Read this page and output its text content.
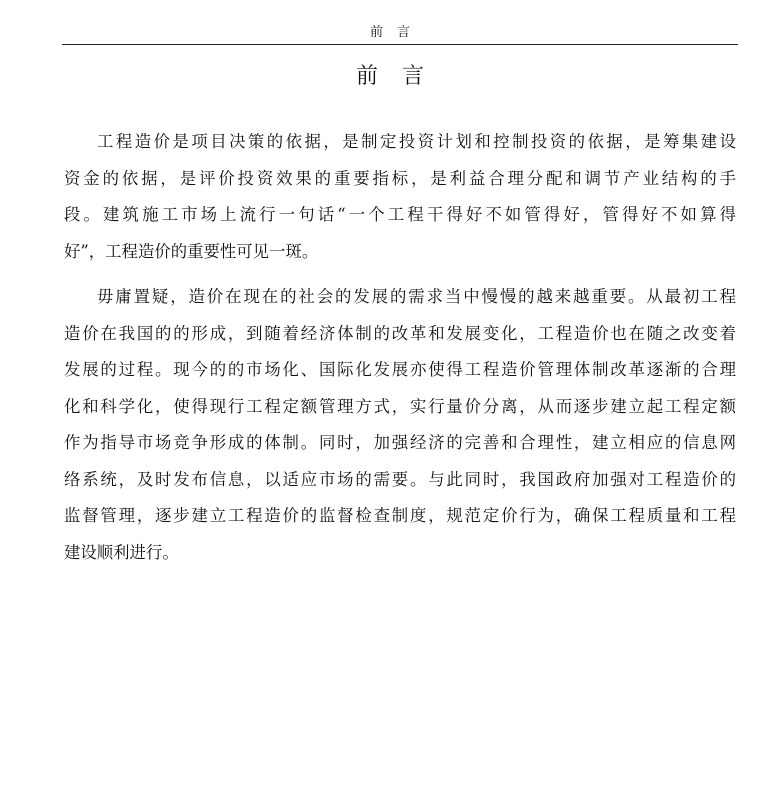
前言
前言

工程造价是项目决策的依据，是制定投资计划和控制投资的依据，是筹集建设
资金的依据，是评价投资效果的重要指标，是利益合理分配和调节产业结构的手
段。建筑施工市场上流行一句话“一个工程干得好不如管得好，管得好不如算得
好”，工程造价的重要性可见一斑。

毋庸置疑，造价在现在的社会的发展的需求当中慢慢的越来越重要。从最初工程
造价在我国的的形成，到随着经济体制的改革和发展变化，工程造价也在随之改变着
发展的过程。现今的的市场化、国际化发展亦使得工程造价管理体制改革逐渐的合理
化和科学化，使得现行工程定额管理方式，实行量价分离，从而逐步建立起工程定额
作为指导市场竞争形成的体制。同时，加强经济的完善和合理性，建立相应的信息网
络系统，及时发布信息，以适应市场的需要。与此同时，我国政府加强对工程造价的
监督管理，逐步建立工程造价的监督检查制度，规范定价行为，确保工程质量和工程
建设顺利进行。
